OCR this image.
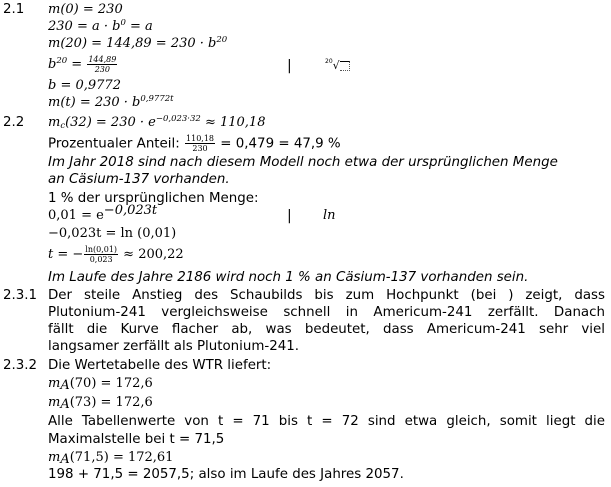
2.1 m(0) = 230
$230 = a \cdot b^0 = a$
$m(20) = 144,89 = 230 \cdot b^{20}$
$b^{20} = \frac{144,89}{230}$	|	$^{20}$√
b = 0,9772
$m(t) = 230 \cdot b^{0,9772t}$
2.2 $m_c(32) = 230 \cdot e^{-0,023\cdot 32} \approx 110,18$
Prozentualer Anteil: $\frac{110,18}{230} = 0,479 = 47,9$ %
Im Jahr 2018 sind nach diesem Modell noch etwa der ursprünglichen Menge
an Cäsium-137 vorhanden.
1 % der ursprünglichen Menge:
$0,01 = e^{-0,023t}$	| ln
−0,023t = ln (0,01)
t = − $\frac{\ln(0,01)}{0,023} \approx 200,22$
Im Laufe des Jahre 2186 wird noch 1 % an Cäsium-137 vorhanden sein.
2.3.1 Der steile Anstieg des Schaubilds bis zum Hochpunkt (bei ) zeigt, dass
Plutonium-241 vergleichsweise schnell in Americum-241 zerfällt. Danach
fällt die Kurve flacher ab, was bedeutet, dass Americum-241 sehr viel
langsamer zerfällt als Plutonium-241.
2.3.2 Die Wertetabelle des WTR liefert:
$m_A(70) = 172,6$
$m_A(73) = 172,6$
Alle Tabellenwerte von t = 71 bis t = 72 sind etwa gleich, somit liegt die
Maximalstelle bei t = 71,5
$m_A(71,5) = 172,61$
198 + 71,5 = 2057,5; also im Laufe des Jahres 2057.
